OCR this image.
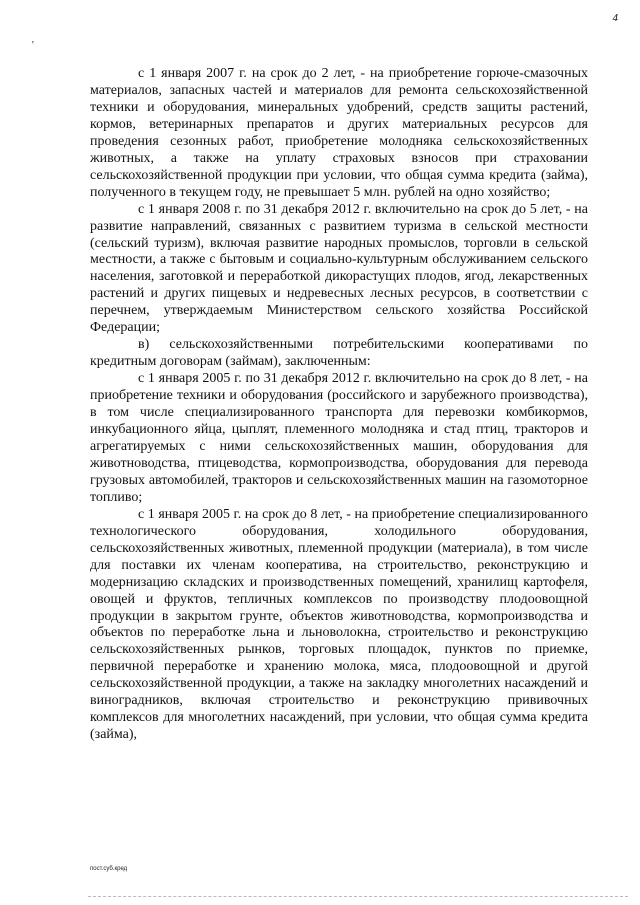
4
'

с 1 января 2007 г. на срок до 2 лет, - на приобретение горюче-смазочных материалов, запасных частей и материалов для ремонта сельскохозяйственной техники и оборудования, минеральных удобрений, средств защиты растений, кормов, ветеринарных препаратов и других материальных ресурсов для проведения сезонных работ, приобретение молодняка сельскохозяйственных животных, а также на уплату страховых взносов при страховании сельскохозяйственной продукции при условии, что общая сумма кредита (займа), полученного в текущем году, не превышает 5 млн. рублей на одно хозяйство;

с 1 января 2008 г. по 31 декабря 2012 г. включительно на срок до 5 лет, - на развитие направлений, связанных с развитием туризма в сельской местности (сельский туризм), включая развитие народных промыслов, торговли в сельской местности, а также с бытовым и социально-культурным обслуживанием сельского населения, заготовкой и переработкой дикорастущих плодов, ягод, лекарственных растений и других пищевых и недревесных лесных ресурсов, в соответствии с перечнем, утверждаемым Министерством сельского хозяйства Российской Федерации;

в) сельскохозяйственными потребительскими кооперативами по кредитным договорам (займам), заключенным:

с 1 января 2005 г. по 31 декабря 2012 г. включительно на срок до 8 лет, - на приобретение техники и оборудования (российского и зарубежного производства), в том числе специализированного транспорта для перевозки комбикормов, инкубационного яйца, цыплят, племенного молодняка и стад птиц, тракторов и агрегатируемых с ними сельскохозяйственных машин, оборудования для животноводства, птицеводства, кормопроизводства, оборудования для перевода грузовых автомобилей, тракторов и сельскохозяйственных машин на газомоторное топливо;

с 1 января 2005 г. на срок до 8 лет, - на приобретение специализированного технологического оборудования, холодильного оборудования, сельскохозяйственных животных, племенной продукции (материала), в том числе для поставки их членам кооператива, на строительство, реконструкцию и модернизацию складских и производственных помещений, хранилищ картофеля, овощей и фруктов, тепличных комплексов по производству плодоовощной продукции в закрытом грунте, объектов животноводства, кормопроизводства и объектов по переработке льна и льноволокна, строительство и реконструкцию сельскохозяйственных рынков, торговых площадок, пунктов по приемке, первичной переработке и хранению молока, мяса, плодоовощной и другой сельскохозяйственной продукции, а также на закладку многолетних насаждений и виноградников, включая строительство и реконструкцию прививочных комплексов для многолетних насаждений, при условии, что общая сумма кредита (займа),

пост.суб.кред
